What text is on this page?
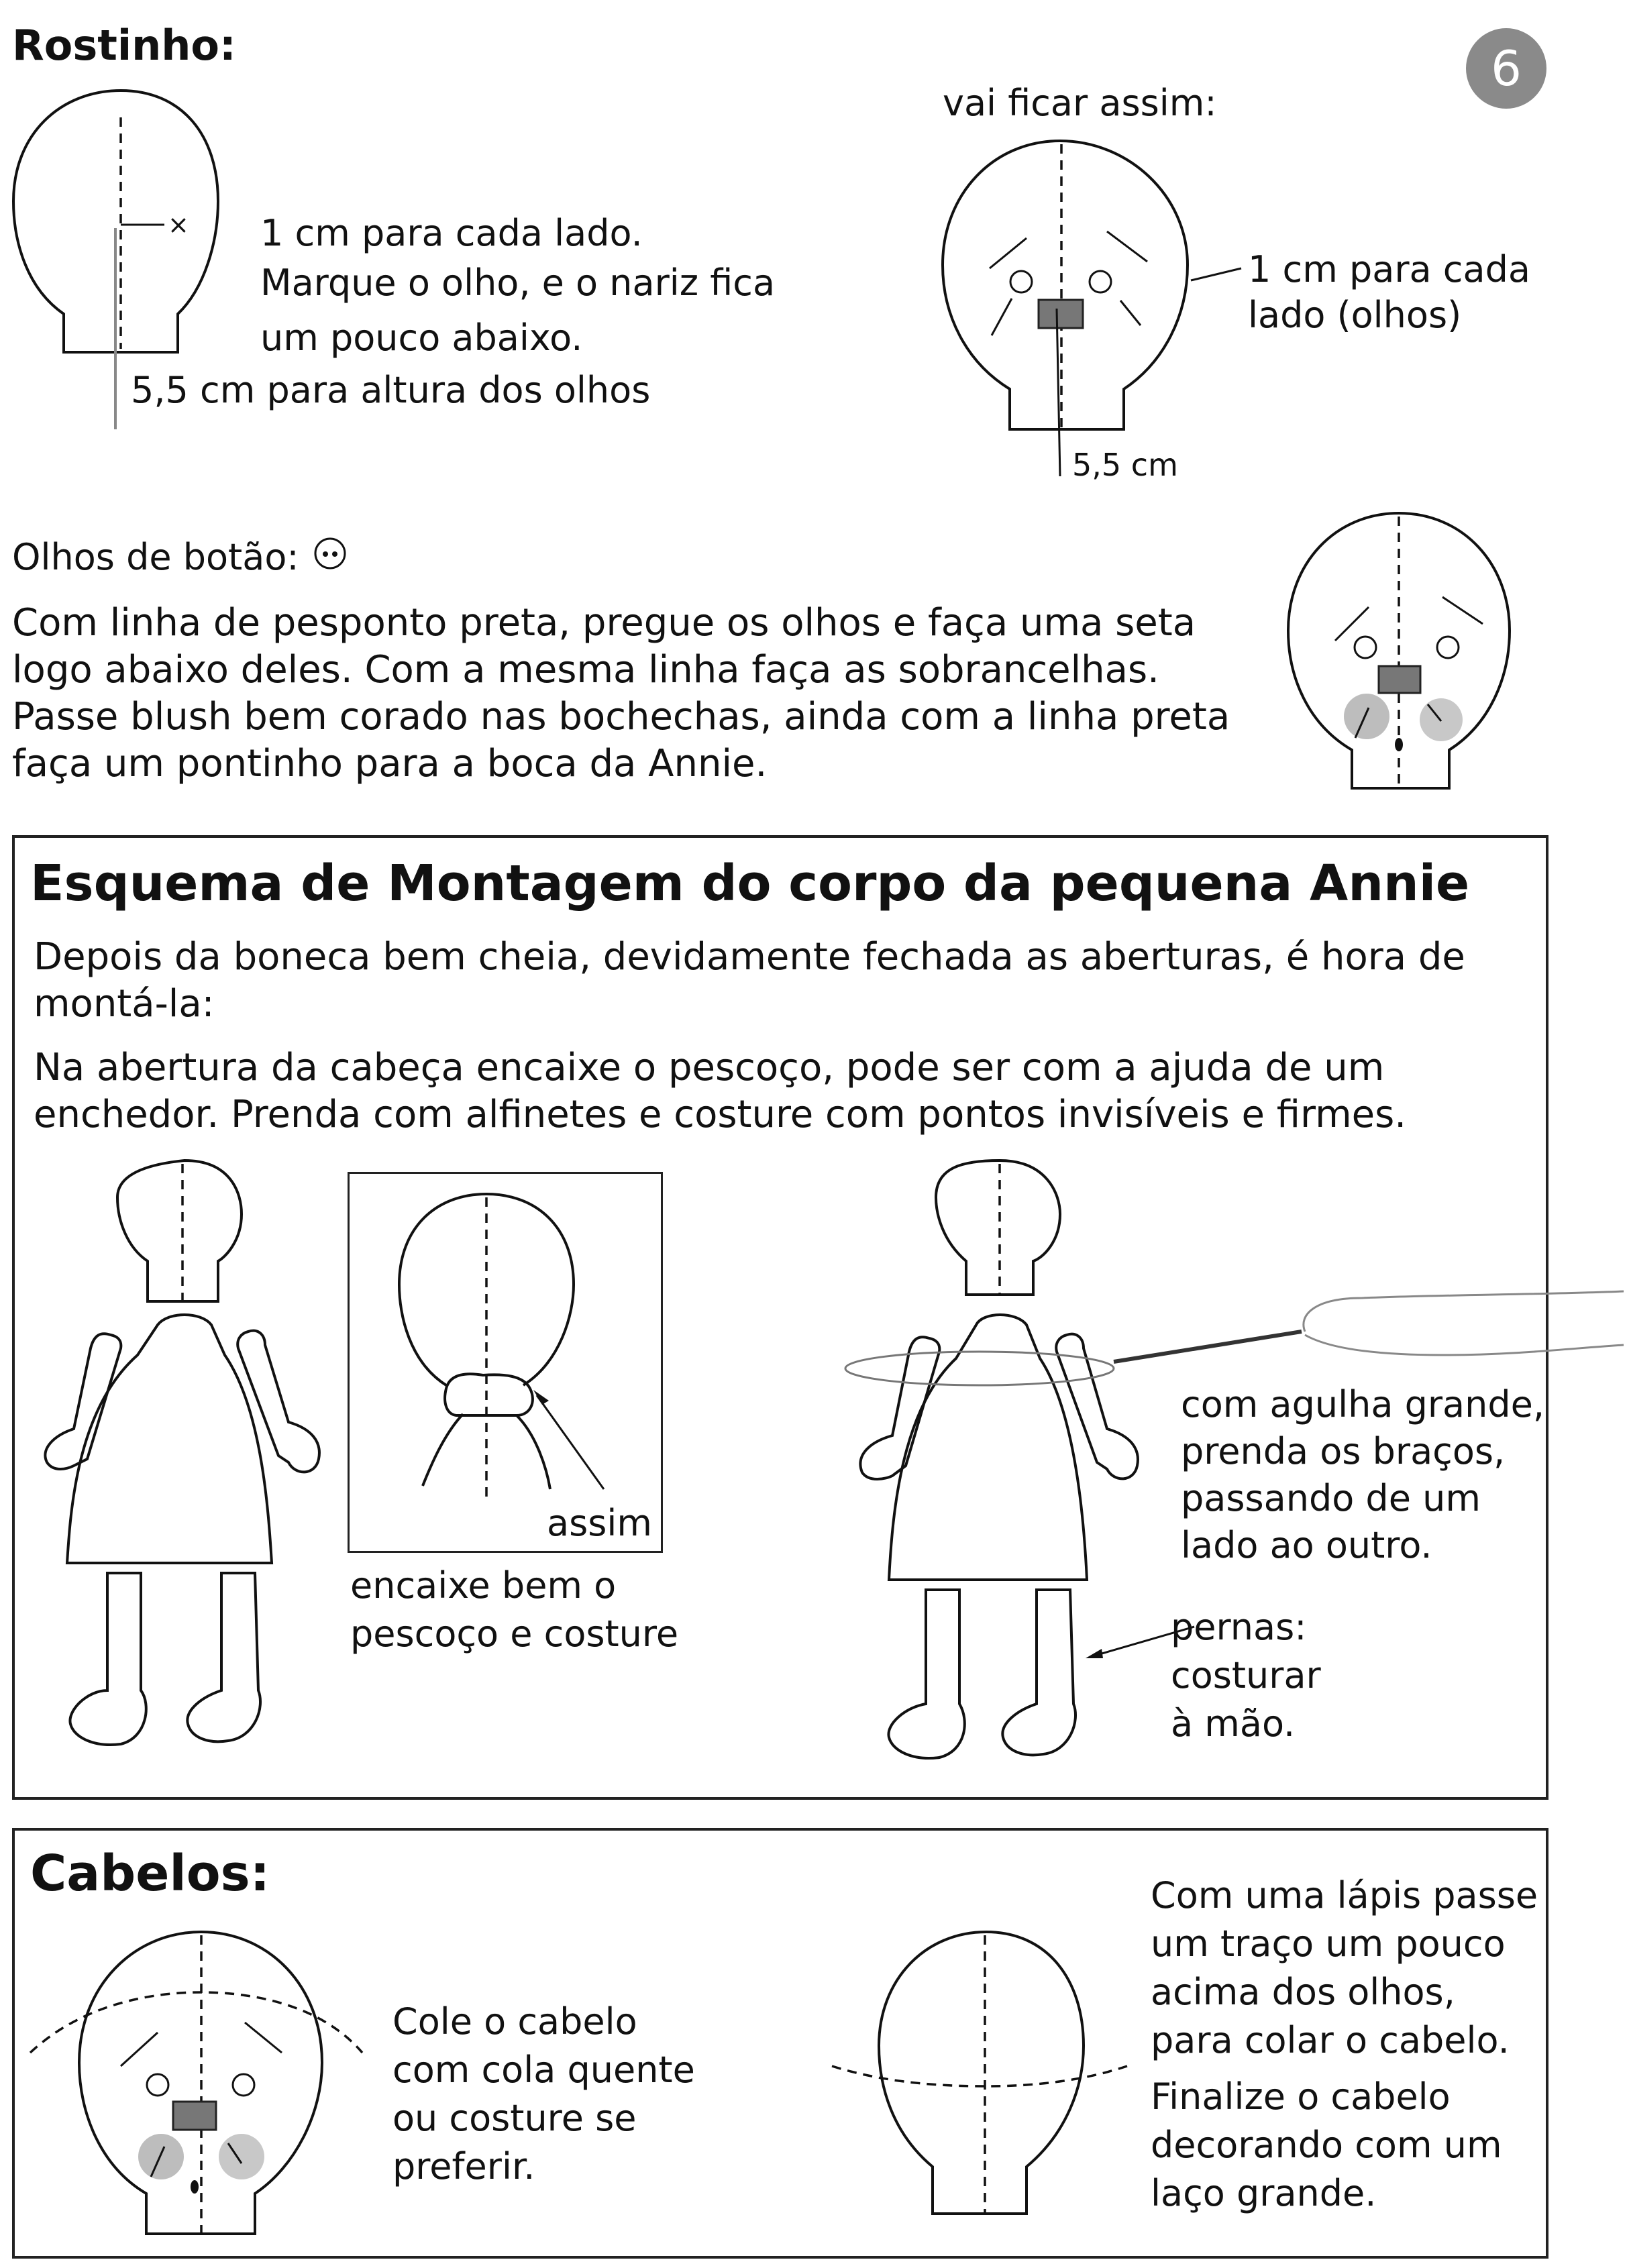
6
Rostinho:
× 1 cm para cada lado.
Marque o olho, e o nariz fica
um pouco abaixo.
5,5 cm para altura dos olhos
vai ficar assim:
1 cm para cada
lado (olhos)
5,5 cm
Olhos de botão:
Com linha de pesponto preta, pregue os olhos e faça uma seta logo abaixo deles. Com a mesma linha faça as sobrancelhas. Passe blush bem corado nas bochechas, ainda com a linha preta faça um pontinho para a boca da Annie.
Esquema de Montagem do corpo da pequena Annie
Depois da boneca bem cheia, devidamente fechada as aberturas, é hora de montá-la:
Na abertura da cabeça encaixe o pescoço, pode ser com a ajuda de um enchedor. Prenda com alfinetes e costure com pontos invisíveis e firmes.
assim
encaixe bem o
pescoço e costure
com agulha grande,
prenda os braços,
passando de um
lado ao outro.
pernas:
costurar
à mão.
Cabelos:
Cole o cabelo
com cola quente
ou costure se
preferir.
Com uma lápis passe
um traço um pouco
acima dos olhos,
para colar o cabelo.
Finalize o cabelo
decorando com um
laço grande.
